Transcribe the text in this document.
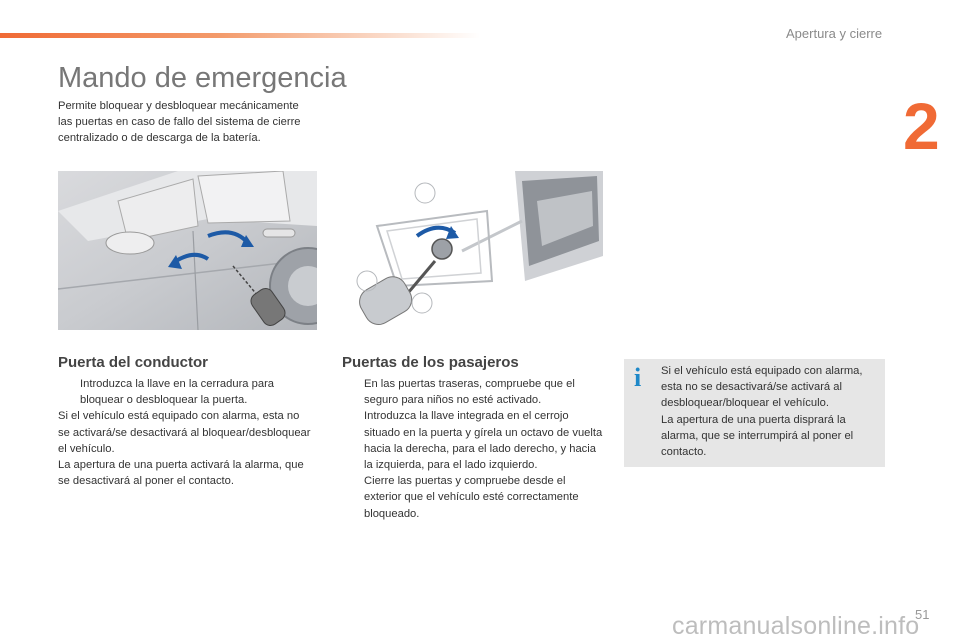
Apertura y cierre
2
Mando de emergencia
Permite bloquear y desbloquear mecánicamente las puertas en caso de fallo del sistema de cierre centralizado o de descarga de la batería.
Puerta del conductor
Introduzca la llave en la cerradura para bloquear o desbloquear la puerta.
Si el vehículo está equipado con alarma, esta no se activará/se desactivará al bloquear/desbloquear el vehículo.
La apertura de una puerta activará la alarma, que se desactivará al poner el contacto.
Puertas de los pasajeros
En las puertas traseras, compruebe que el seguro para niños no esté activado.
Introduzca la llave integrada en el cerrojo situado en la puerta y gírela un octavo de vuelta hacia la derecha, para el lado derecho, y hacia la izquierda, para el lado izquierdo.
Cierre las puertas y compruebe desde el exterior que el vehículo esté correctamente bloqueado.
i	Si el vehículo está equipado con alarma, esta no se desactivará/se activará al desbloquear/bloquear el vehículo.
La apertura de una puerta disprará la alarma, que se interrumpirá al poner el contacto.
51
carmanualsonline.info
